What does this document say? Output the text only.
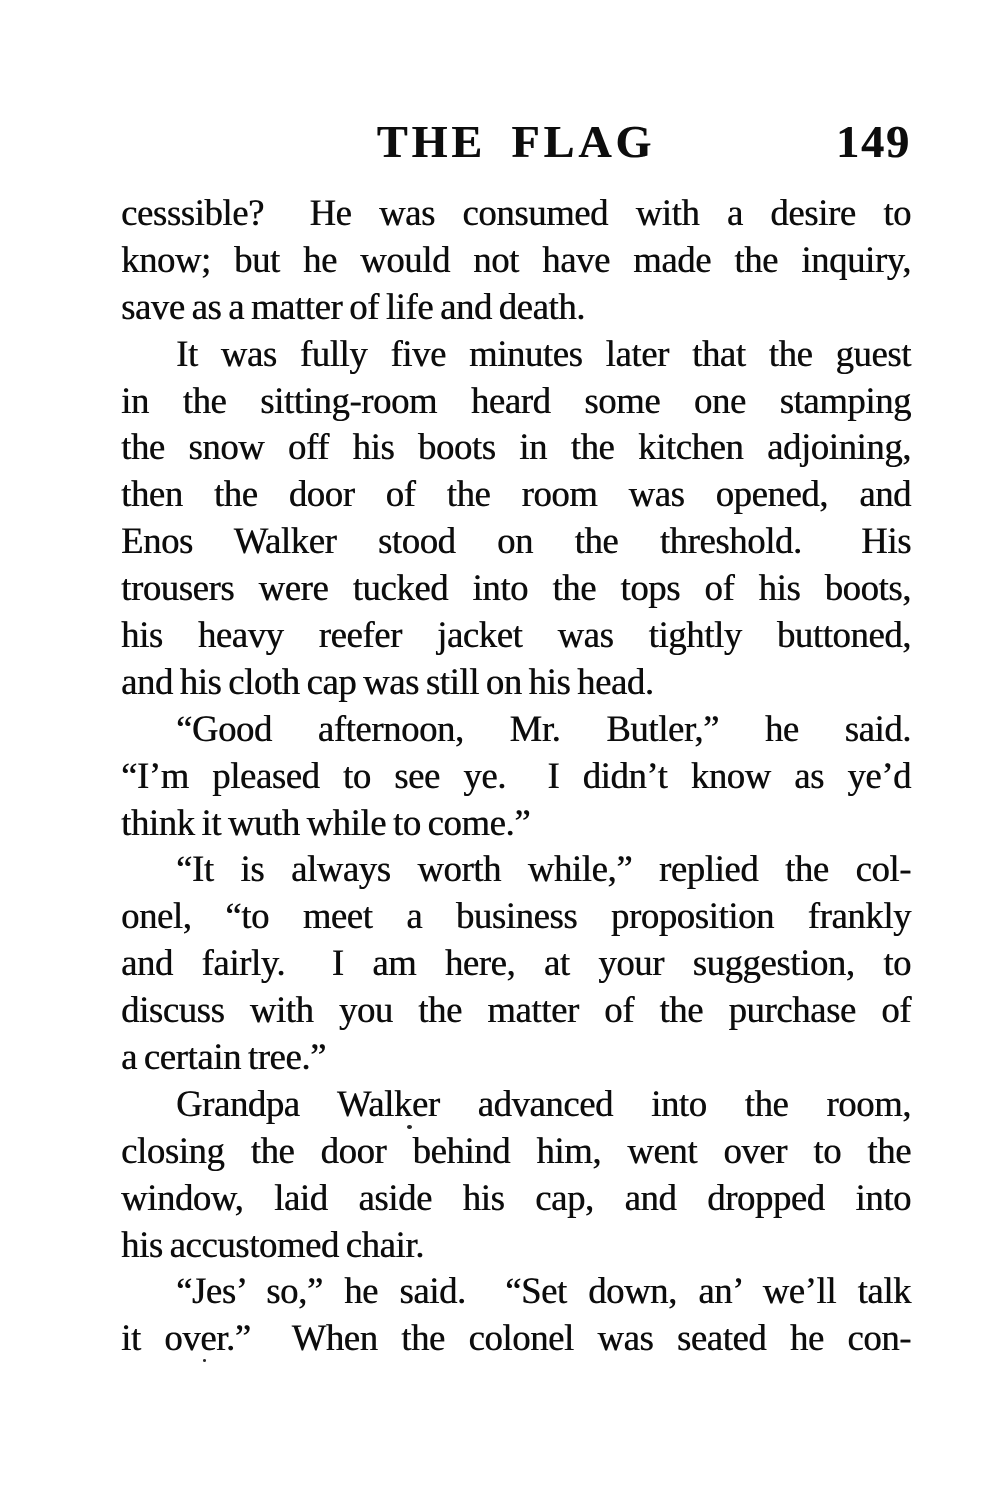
THE FLAG	149
cesssible?  He was consumed with a desire to
know; but he would not have made the inquiry,
save as a matter of life and death.
It was fully five minutes later that the guest
in the sitting-room heard some one stamping
the snow off his boots in the kitchen adjoining,
then the door of the room was opened, and
Enos Walker stood on the threshold.  His
trousers were tucked into the tops of his boots,
his heavy reefer jacket was tightly buttoned,
and his cloth cap was still on his head.
“Good afternoon, Mr. Butler,” he said.
“I’m pleased to see ye.  I didn’t know as ye’d
think it wuth while to come.”
“It is always worth while,” replied the col-
onel, “to meet a business proposition frankly
and fairly.  I am here, at your suggestion, to
discuss with you the matter of the purchase of
a certain tree.”
Grandpa Walker advanced into the room,
closing the door behind him, went over to the
window, laid aside his cap, and dropped into
his accustomed chair.
“Jes’ so,” he said.  “Set down, an’ we’ll talk
it over.”  When the colonel was seated he con-
